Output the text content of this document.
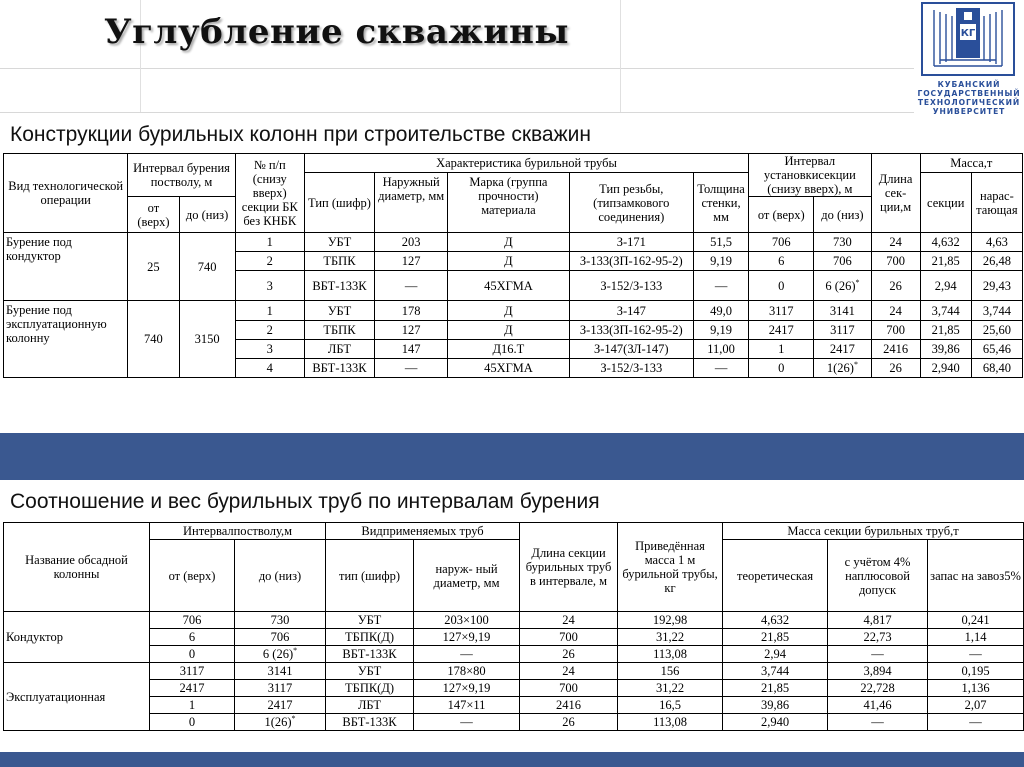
Углубление скважины	КГ
КУБАНСКИЙ
ГОСУДАРСТВЕННЫЙ
ТЕХНОЛОГИЧЕСКИЙ
УНИВЕРСИТЕТ
Конструкции бурильных колонн при строительстве скважин
Вид технологической операции	Интервал бурения постволу, м		№ п/п (снизу вверх) секции БК без КНБК	Характеристика бурильной трубы					Интервал установкисекции (снизу вверх), м		Длина сек-ции,м	Масса,т	
				Тип (шифр)	Наружный диаметр, мм	Марка (группа прочности) материала	Тип резьбы, (типзамкового соединения)	Толщина стенки, мм				секции	нарас-тающая
	от (верх)	до (низ)							от (верх)	до (низ)			
Бурение под кондуктор	25	740	1	УБТ	203	Д	З-171	51,5	706	730	24	4,632	4,63
			2	ТБПК	127	Д	З-133(ЗП-162-95-2)	9,19	6	706	700	21,85	26,48
			3	ВБТ-133К	—	45ХГМА	З-152/З-133	—	0	6 (26)*	26	2,94	29,43
Бурение под эксплуатационную колонну	740	3150	1	УБТ	178	Д	З-147	49,0	3117	3141	24	3,744	3,744
			2	ТБПК	127	Д	З-133(ЗП-162-95-2)	9,19	2417	3117	700	21,85	25,60
			3	ЛБТ	147	Д16.Т	З-147(ЗЛ-147)	11,00	1	2417	2416	39,86	65,46
			4	ВБТ-133К	—	45ХГМА	З-152/З-133	—	0	1(26)*	26	2,940	68,40
Соотношение и вес бурильных труб по интервалам бурения
Название обсадной колонны	Интервалпостволу,м		Видприменяемых труб		Длина секции бурильных труб в интервале, м	Приведённая масса 1 м бурильной трубы, кг	Масса секции бурильных труб,т		
	от (верх)	до (низ)	тип (шифр)	наруж- ный диаметр, мм			теоретическая	с учётом 4% наплюсовой допуск	запас на завоз5%
Кондуктор	706	730	УБТ	203×100	24	192,98	4,632	4,817	0,241
	6	706	ТБПК(Д)	127×9,19	700	31,22	21,85	22,73	1,14
	0	6 (26)*	ВБТ-133К	—	26	113,08	2,94	—	—
Эксплуатационная	3117	3141	УБТ	178×80	24	156	3,744	3,894	0,195
	2417	3117	ТБПК(Д)	127×9,19	700	31,22	21,85	22,728	1,136
	1	2417	ЛБТ	147×11	2416	16,5	39,86	41,46	2,07
	0	1(26)*	ВБТ-133К	—	26	113,08	2,940	—	—
